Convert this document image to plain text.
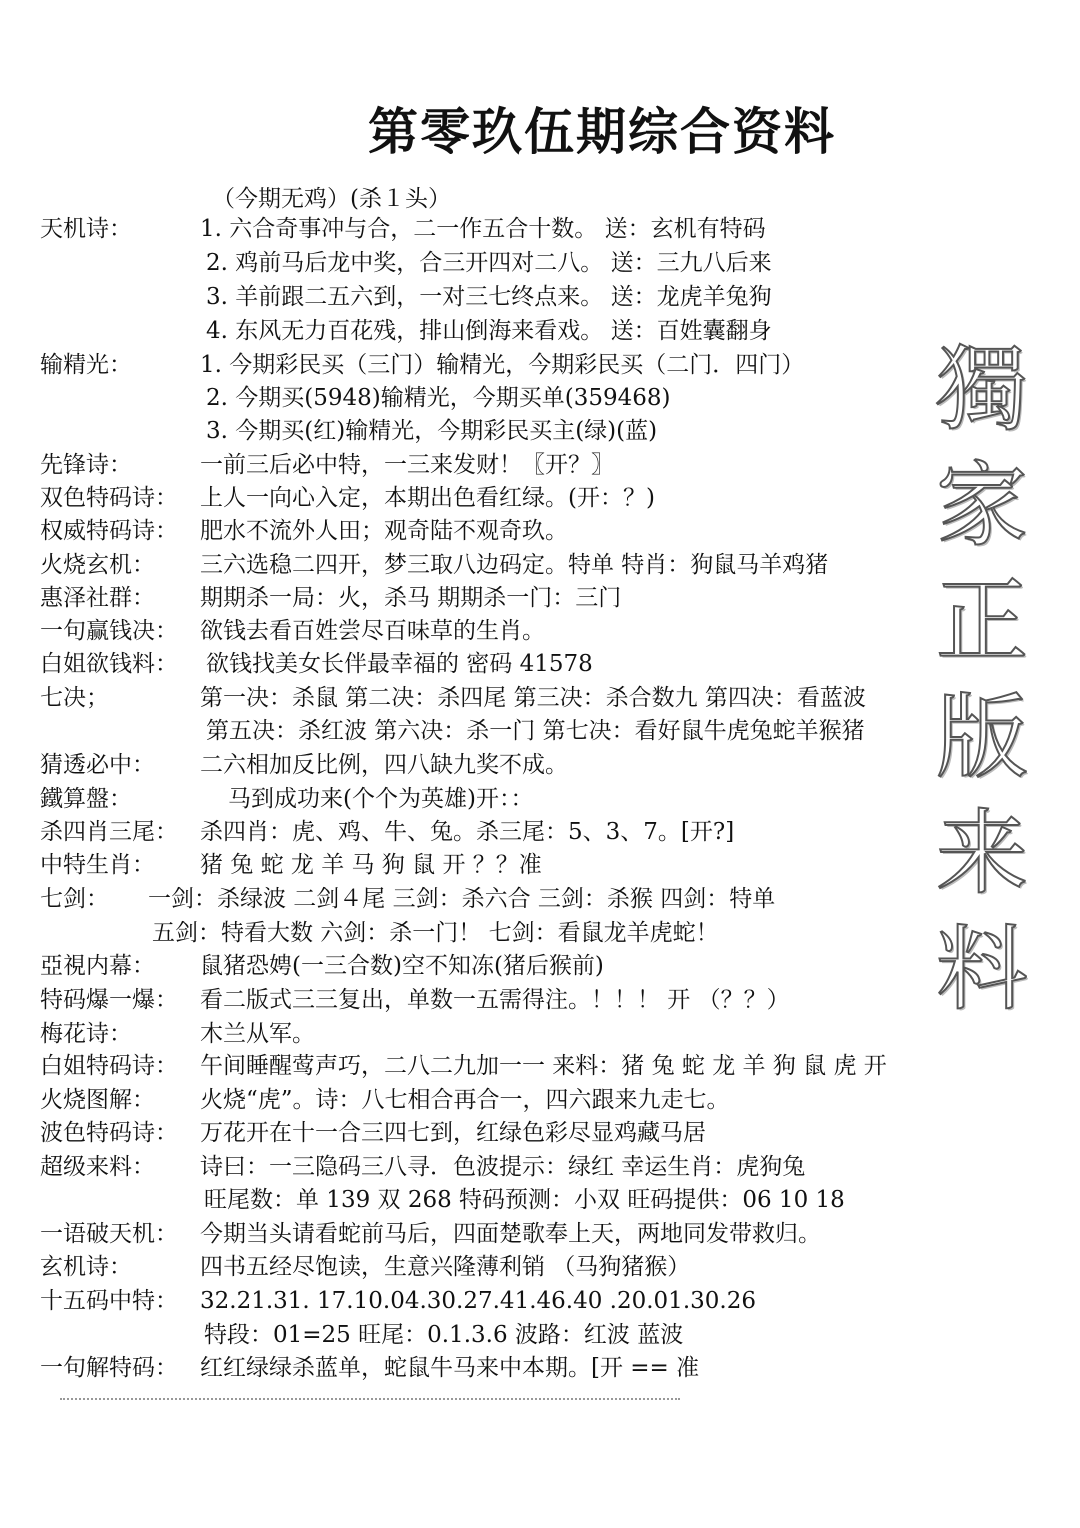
獨
家
正
版
来
料
第零玖伍期综合资料
（今期无鸡）(杀１头）
天机诗：	1. 六合奇事冲与合，二一作五合十数。 送：玄机有特码
2. 鸡前马后龙中奖，合三开四对二八。 送：三九八后来
3. 羊前跟二五六到，一对三七终点来。 送：龙虎羊兔狗
4. 东风无力百花残，排山倒海来看戏。 送：百姓囊翻身
输精光：	1. 今期彩民买（三门）输精光，今期彩民买（二门．四门）
2. 今期买(5948)输精光，今期买单(359468)
3. 今期买(红)输精光，今期彩民买主(绿)(蓝)
先锋诗：	一前三后必中特，一三来发财！〖开？〗
双色特码诗： 上人一向心入定，本期出色看红绿。(开：？)
权威特码诗： 肥水不流外人田；观奇陆不观奇玖。
火烧玄机： 三六选稳二四开，梦三取八边码定。特单 特肖：狗鼠马羊鸡猪
惠泽社群： 期期杀一局：火，杀马 期期杀一门：三门
一句赢钱决： 欲钱去看百姓尝尽百味草的生肖。
白姐欲钱料： 欲钱找美女长伴最幸福的 密码 41578
七决；	第一决：杀鼠 第二决：杀四尾 第三决：杀合数九 第四决：看蓝波
第五决：杀红波 第六决：杀一门 第七决：看好鼠牛虎兔蛇羊猴猪
猜透必中： 二六相加反比例，四八缺九奖不成。
鐵算盤：	马到成功来(个个为英雄)开：：
杀四肖三尾： 杀四肖：虎、鸡、牛、兔。杀三尾：5、3、7。[开?]
中特生肖： 猪 兔 蛇 龙 羊 马 狗 鼠 开 ？？准
七剑： 一剑：杀绿波 二剑４尾 三剑：杀六合 三剑：杀猴 四剑：特单
五剑：特看大数 六剑：杀一门！ 七剑：看鼠龙羊虎蛇！
亞視内幕： 鼠猪恐娉(一三合数)空不知冻(猪后猴前)
特码爆一爆： 看二版式三三复出，单数一五需得注。！！！ 开 （？？）
梅花诗：	木兰从军。
白姐特码诗： 午间睡醒莺声巧，二八二九加一一 来料：猪 兔 蛇 龙 羊 狗 鼠 虎 开
火烧图解： 火烧“虎”。诗：八七相合再合一，四六跟来九走七。
波色特码诗： 万花开在十一合三四七到，红绿色彩尽显鸡藏马居
超级来料： 诗曰：一三隐码三八寻．色波提示：绿红 幸运生肖：虎狗兔
旺尾数：单 139 双 268 特码预测：小双 旺码提供：06 10 18
一语破天机： 今期当头请看蛇前马后，四面楚歌奉上天，两地同发带救归。
玄机诗：	四书五经尽饱读，生意兴隆薄利销 （马狗猪猴）
十五码中特： 32.21.31. 17.10.04.30.27.41.46.40 .20.01.30.26
特段：01=25 旺尾：0.1.3.6 波路：红波 蓝波
一句解特码： 红红绿绿杀蓝单，蛇鼠牛马来中本期。[开 == 准
